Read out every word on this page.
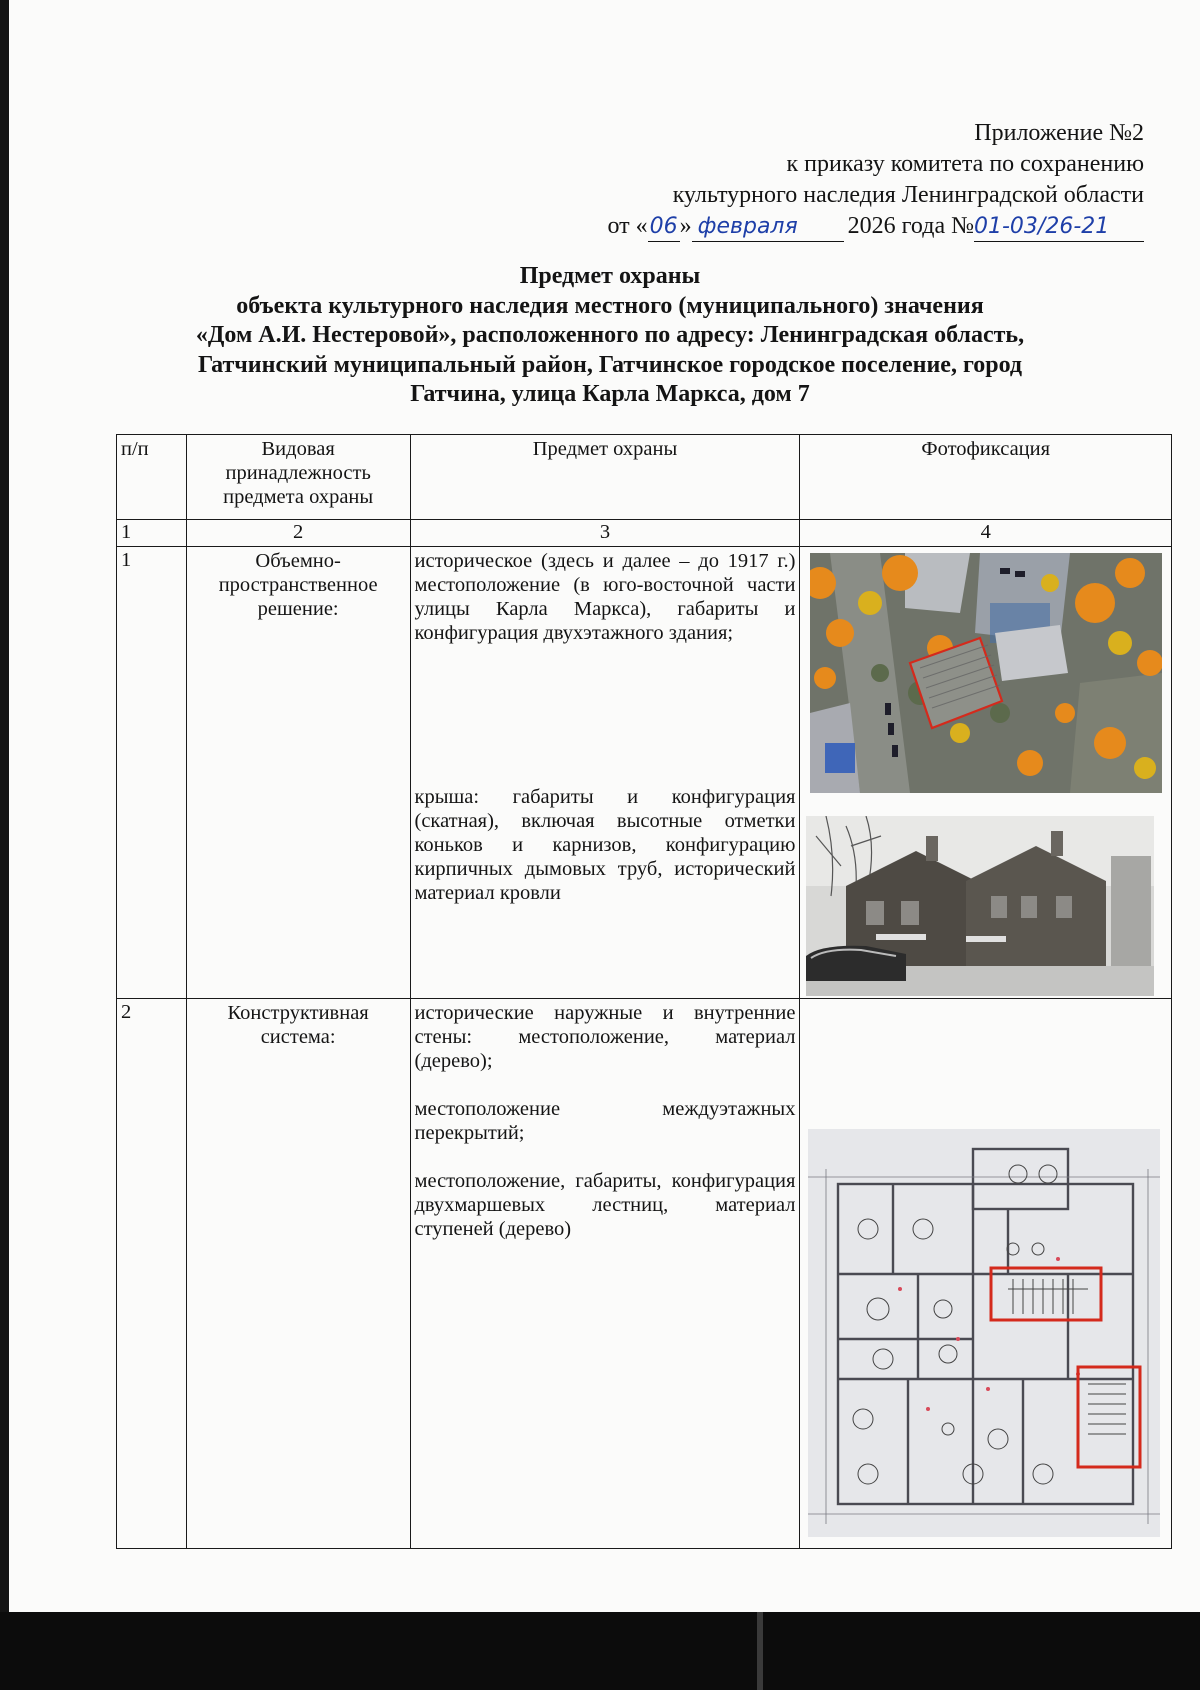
Приложение №2
к приказу комитета по сохранению
культурного наследия Ленинградской области
от « 06 » февраля	2026 года № 01-03/26-21
Предмет охраны
объекта культурного наследия местного (муниципального) значения
«Дом А.И. Нестеровой», расположенного по адресу: Ленинградская область,
Гатчинский муниципальный район, Гатчинское городское поселение, город
Гатчина, улица Карла Маркса, дом 7
п/п	Видовая принадлежность предмета охраны	Предмет охраны	Фотофиксация
1	2	3	4
1	Объемно-пространственное решение:	историческое (здесь и далее – до 1917 г.) местоположение (в юго-восточной части улицы Карла Маркса), габариты и конфигурация двухэтажного здания;

крыша: габариты и конфигурация (скатная), включая высотные отметки коньков и карнизов, конфигурацию кирпичных дымовых труб, исторический материал кровли

2	Конструктивная система:	исторические наружные и внутренние стены: местоположение, материал (дерево);

местоположение междуэтажных перекрытий;

местоположение, габариты, конфигурация двухмаршевых лестниц, материал ступеней (дерево)
